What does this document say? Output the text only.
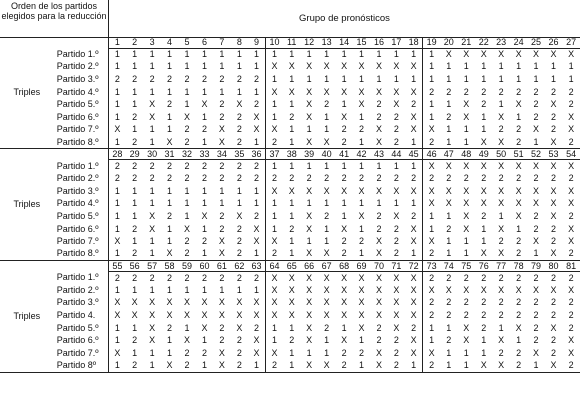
Orden de los partidos elegidos para la reducción		Grupo de pronósticos																										
Triples		1	2	3	4	5	6	7	8	9	10	11	12	13	14	15	16	17	18	19	20	21	22	23	24	25	26	27
	Partido 1.º	1	1	1	1	1	1	1	1	1	1	1	1	1	1	1	1	1	1	1	X	X	X	X	X	X	X	X
	Partido 2.º	1	1	1	1	1	1	1	1	1	X	X	X	X	X	X	X	X	X	1	1	1	1	1	1	1	1	1
	Partido 3.º	2	2	2	2	2	2	2	2	2	1	1	1	1	1	1	1	1	1	1	1	1	1	1	1	1	1	1
	Partido 4.º	1	1	1	1	1	1	1	1	1	X	X	X	X	X	X	X	X	X	2	2	2	2	2	2	2	2	2
	Partido 5.º	1	1	X	2	1	X	2	X	2	1	1	X	2	1	X	2	X	2	1	1	X	2	1	X	2	X	2
	Partido 6.º	1	2	X	1	X	1	2	2	X	1	2	X	1	X	1	2	2	X	1	2	X	1	X	1	2	2	X
	Partido 7.º	X	1	1	1	2	2	X	2	X	X	1	1	1	2	2	X	2	X	X	1	1	1	2	2	X	2	X
	Partido 8.º	1	2	1	X	2	1	X	2	1	2	1	X	X	2	1	X	2	1	2	1	1	X	X	2	1	X	2
Triples		28	29	30	31	32	33	34	35	36	37	38	39	40	41	42	43	44	45	46	47	48	49	50	51	52	53	54
	Partido 1.º	2	2	2	2	2	2	2	2	2	1	1	1	1	1	1	1	1	1	X	X	X	X	X	X	X	X	X
	Partido 2.º	2	2	2	2	2	2	2	2	2	2	2	2	2	2	2	2	2	2	2	2	2	2	2	2	2	2	2
	Partido 3.º	1	1	1	1	1	1	1	1	1	X	X	X	X	X	X	X	X	X	X	X	X	X	X	X	X	X	X
	Partido 4.º	1	1	1	1	1	1	1	1	1	1	1	1	1	1	1	1	1	1	X	X	X	X	X	X	X	X	X
	Partido 5.º	1	1	X	2	1	X	2	X	2	1	1	X	2	1	X	2	X	2	1	1	X	2	1	X	2	X	2
	Partido 6.º	1	2	X	1	X	1	2	2	X	1	2	X	1	X	1	2	2	X	1	2	X	1	X	1	2	2	X
	Partido 7.º	X	1	1	1	2	2	X	2	X	X	1	1	1	2	2	X	2	X	X	1	1	1	2	2	X	2	X
	Partido 8.º	1	2	1	X	2	1	X	2	1	2	1	X	X	2	1	X	2	1	2	1	1	X	X	2	1	X	2
Triples		55	56	57	58	59	60	61	62	63	64	65	66	67	68	69	70	71	72	73	74	75	76	77	78	79	80	81
	Partido 1.º	2	2	2	2	2	2	2	2	2	X	X	X	X	X	X	X	X	X	2	2	2	2	2	2	2	2	2
	Partido 2.º	1	1	1	1	1	1	1	1	1	X	X	X	X	X	X	X	X	X	X	X	X	X	X	X	X	X	X
	Partido 3.º	X	X	X	X	X	X	X	X	X	X	X	X	X	X	X	X	X	X	2	2	2	2	2	2	2	2	2
	Partido 4.	X	X	X	X	X	X	X	X	X	X	X	X	X	X	X	X	X	X	2	2	2	2	2	2	2	2	2
	Partido 5.º	1	1	X	2	1	X	2	X	2	1	1	X	2	1	X	2	X	2	1	1	X	2	1	X	2	X	2
	Partido 6.º	1	2	X	1	X	1	2	2	X	1	2	X	1	X	1	2	2	X	1	2	X	1	X	1	2	2	X
	Partido 7.º	X	1	1	1	2	2	X	2	X	X	1	1	1	2	2	X	2	X	X	1	1	1	2	2	X	2	X
	Partido 8º	1	2	1	X	2	1	X	2	1	2	1	X	X	2	1	X	2	1	2	1	1	X	X	2	1	X	2
